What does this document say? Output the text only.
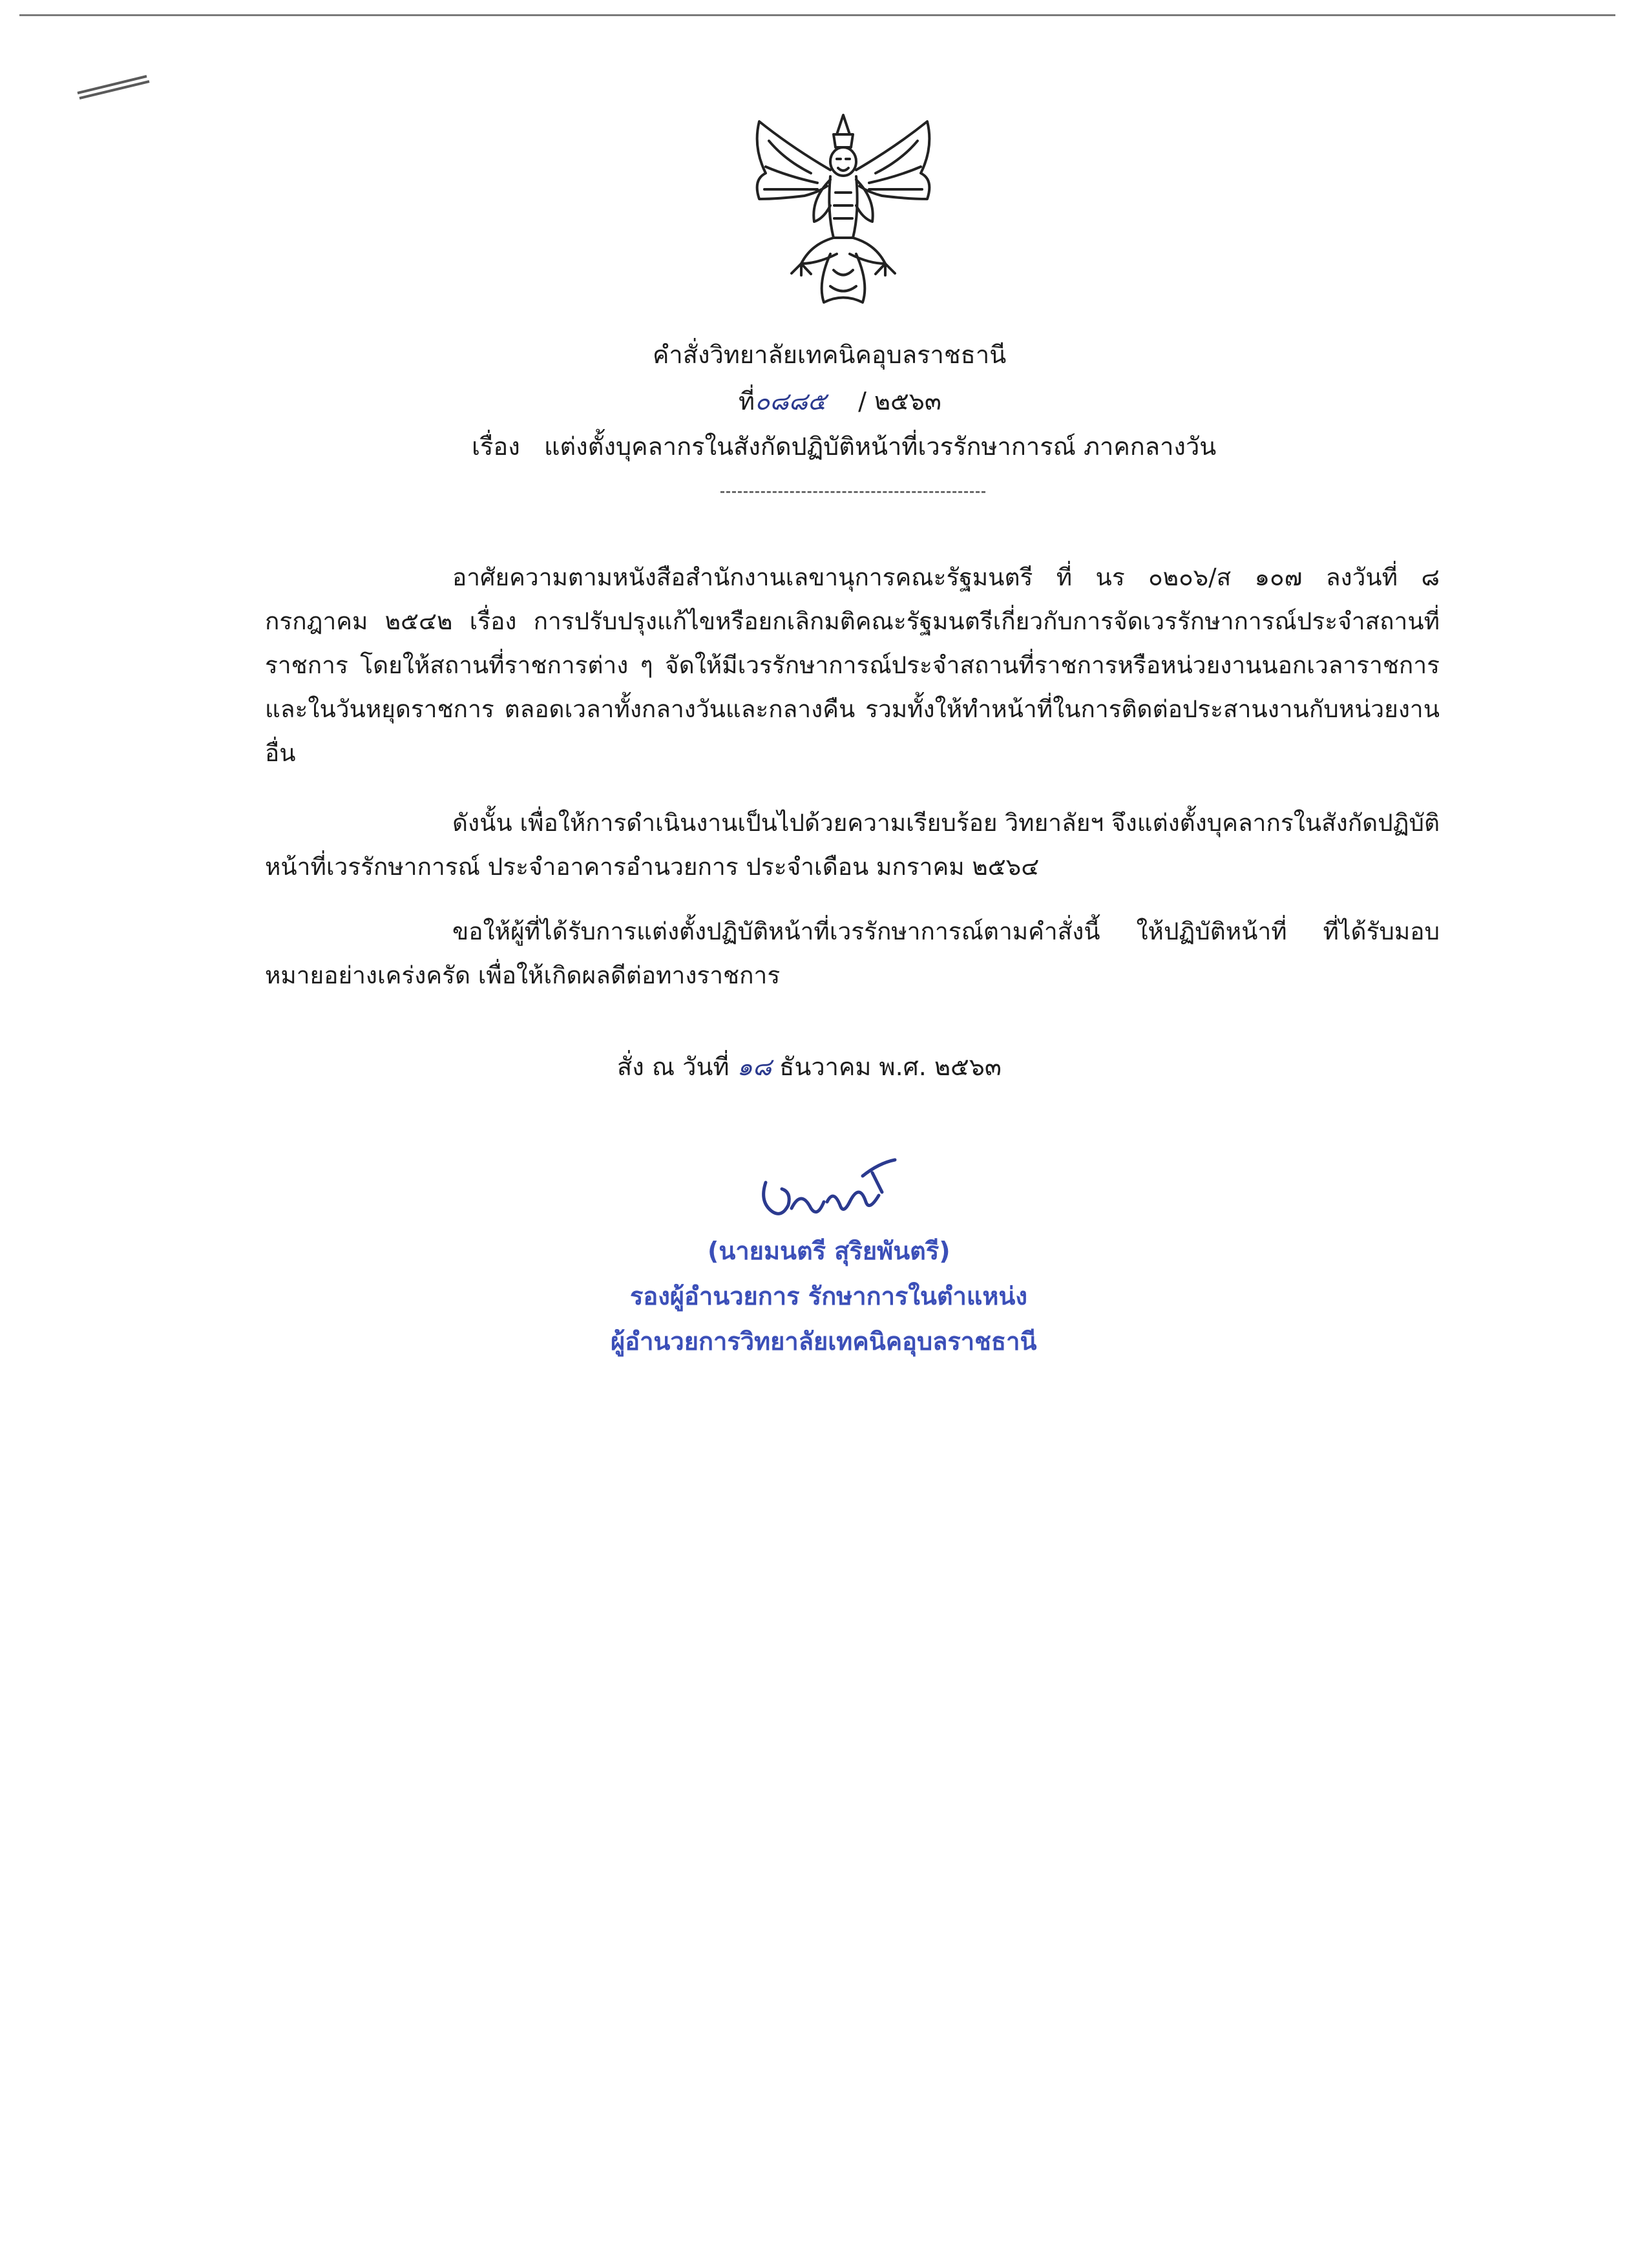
คำสั่งวิทยาลัยเทคนิคอุบลราชธานี
ที่๐๘๘๕ / ๒๕๖๓
เรื่อง แต่งตั้งบุคลากรในสังกัดปฏิบัติหน้าที่เวรรักษาการณ์ ภาคกลางวัน

อาศัยความตามหนังสือสำนักงานเลขานุการคณะรัฐมนตรี ที่ นร ๐๒๐๖/ส ๑๐๗ ลงวันที่ ๘ กรกฎาคม ๒๕๔๒ เรื่อง การปรับปรุงแก้ไขหรือยกเลิกมติคณะรัฐมนตรีเกี่ยวกับการจัดเวรรักษาการณ์ประจำสถานที่ราชการ โดยให้สถานที่ราชการต่าง ๆ จัดให้มีเวรรักษาการณ์ประจำสถานที่ราชการหรือหน่วยงานนอกเวลาราชการและในวันหยุดราชการ ตลอดเวลาทั้งกลางวันและกลางคืน รวมทั้งให้ทำหน้าที่ในการติดต่อประสานงานกับหน่วยงานอื่น

ดังนั้น เพื่อให้การดำเนินงานเป็นไปด้วยความเรียบร้อย วิทยาลัยฯ จึงแต่งตั้งบุคลากรในสังกัดปฏิบัติหน้าที่เวรรักษาการณ์ ประจำอาคารอำนวยการ ประจำเดือน มกราคม ๒๕๖๔

ขอให้ผู้ที่ได้รับการแต่งตั้งปฏิบัติหน้าที่เวรรักษาการณ์ตามคำสั่งนี้ ให้ปฏิบัติหน้าที่ ที่ได้รับมอบหมายอย่างเคร่งครัด เพื่อให้เกิดผลดีต่อทางราชการ

สั่ง ณ วันที่ ๑๘ ธันวาคม พ.ศ. ๒๕๖๓
(นายมนตรี สุริยพันตรี)
รองผู้อำนวยการ รักษาการในตำแหน่ง
ผู้อำนวยการวิทยาลัยเทคนิคอุบลราชธานี
